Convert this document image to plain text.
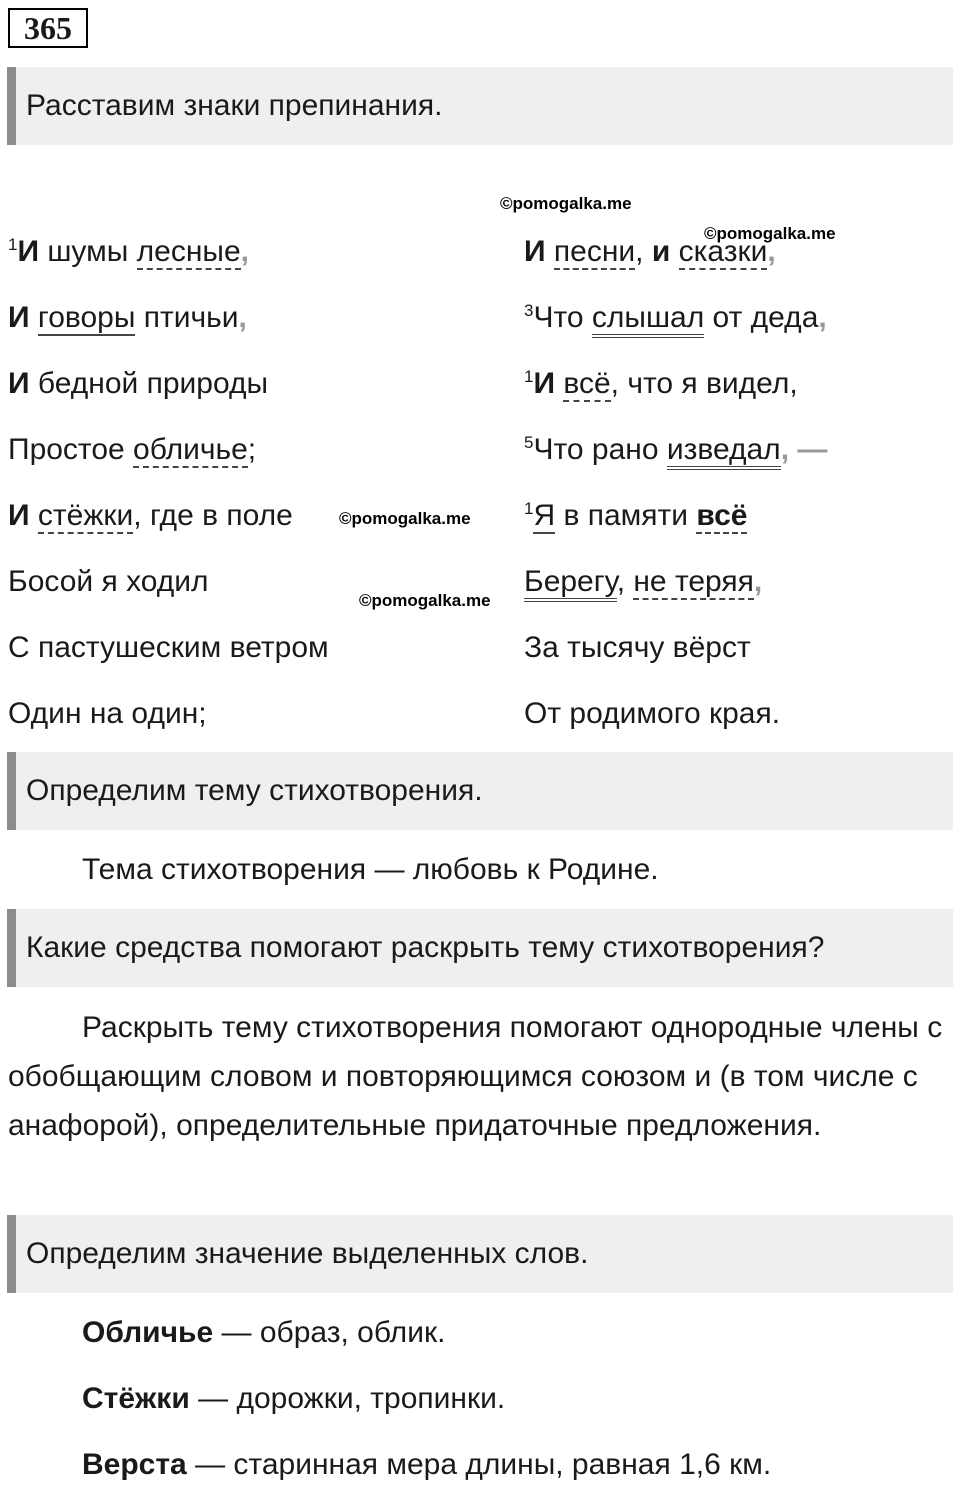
365
Расставим знаки препинания.
©pomogalka.me
©pomogalka.me
©pomogalka.me
©pomogalka.me
$^1$И шумы лесные,
И говоры птичьи,
И бедной природы
Простое обличье;
И стёжки, где в поле
Босой я ходил
С пастушеским ветром
Один на один;
И песни, и сказки,
$^3$Что слышал от деда,
$^1$И всё, что я видел,
$^5$Что рано изведал, —
$^1$Я в памяти всё
Берегу, не теряя,
За тысячу вёрст
От родимого края.
Определим тему стихотворения.
Тема стихотворения — любовь к Родине.
Какие средства помогают раскрыть тему стихотворения?
Раскрыть тему стихотворения помогают однородные члены с обобщающим словом и повторяющимся союзом и (в том числе с анафорой), определительные придаточные предложения.
Определим значение выделенных слов.
Обличье — образ, облик.
Стёжки — дорожки, тропинки.
Верста — старинная мера длины, равная 1,6 км.
